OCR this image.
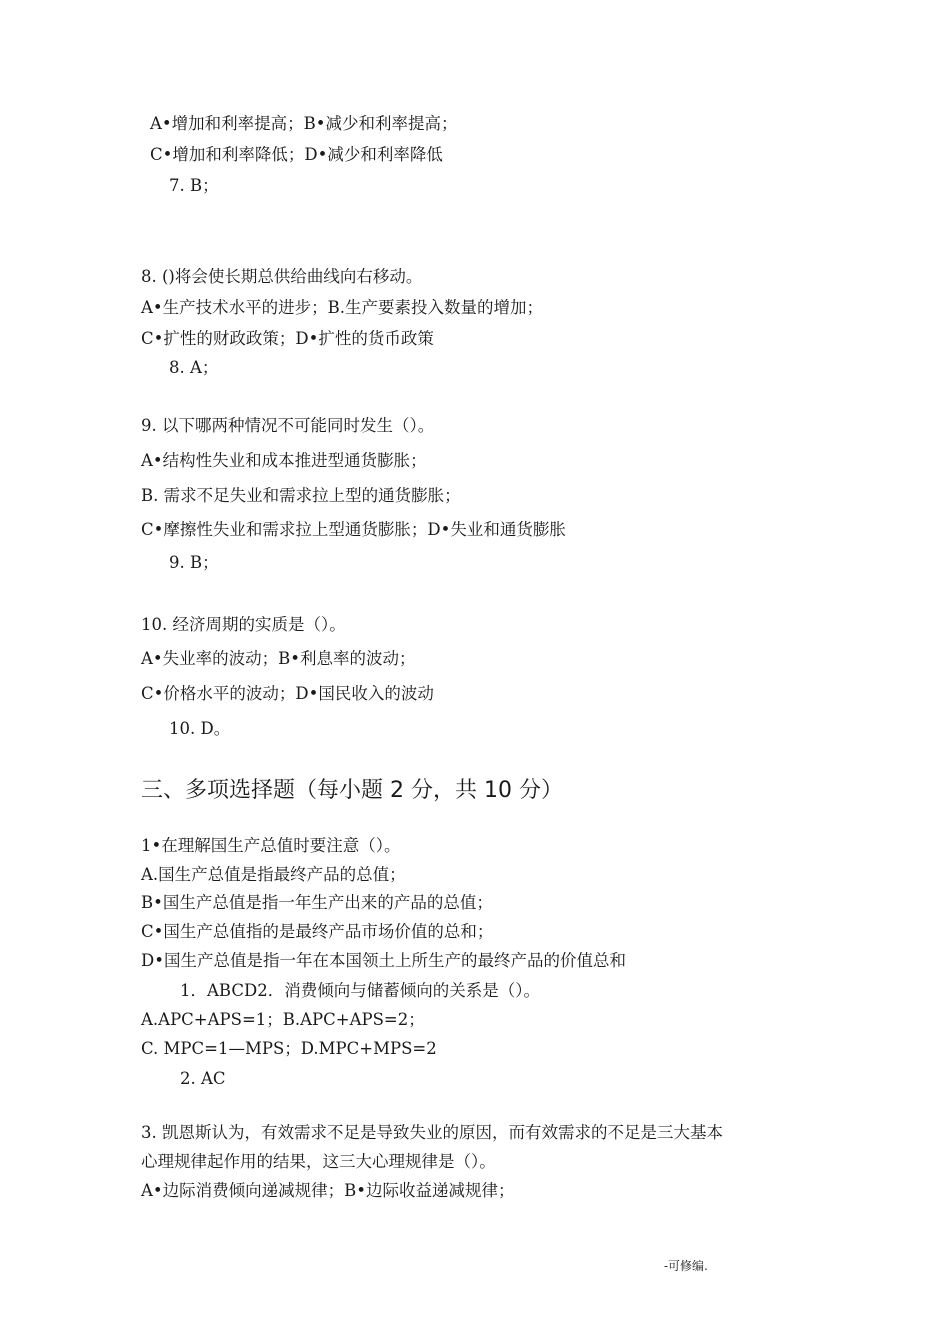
A•增加和利率提高；B•减少和利率提高；
C•增加和利率降低；D•减少和利率降低
7. B；
8. ()将会使长期总供给曲线向右移动。
A•生产技术水平的进步；B.生产要素投入数量的增加；
C•扩性的财政政策；D•扩性的货币政策
8. A；
9. 以下哪两种情况不可能同时发生（）。
A•结构性失业和成本推进型通货膨胀；
B. 需求不足失业和需求拉上型的通货膨胀；
C•摩擦性失业和需求拉上型通货膨胀；D•失业和通货膨胀
9. B；
10. 经济周期的实质是（）。
A•失业率的波动；B•利息率的波动；
C•价格水平的波动；D•国民收入的波动
10. D。
三、多项选择题（每小题 2 分，共 10 分）
1•在理解国生产总值时要注意（）。
A.国生产总值是指最终产品的总值；
B•国生产总值是指一年生产出来的产品的总值；
C•国生产总值指的是最终产品市场价值的总和；
D•国生产总值是指一年在本国领土上所生产的最终产品的价值总和
1．ABCD2．消费倾向与储蓄倾向的关系是（）。
A.APC+APS=1；B.APC+APS=2；
C. MPC=1—MPS；D.MPC+MPS=2
2. AC
3. 凯恩斯认为，有效需求不足是导致失业的原因，而有效需求的不足是三大基本
心理规律起作用的结果，这三大心理规律是（）。
A•边际消费倾向递减规律；B•边际收益递减规律；
-可修编.
